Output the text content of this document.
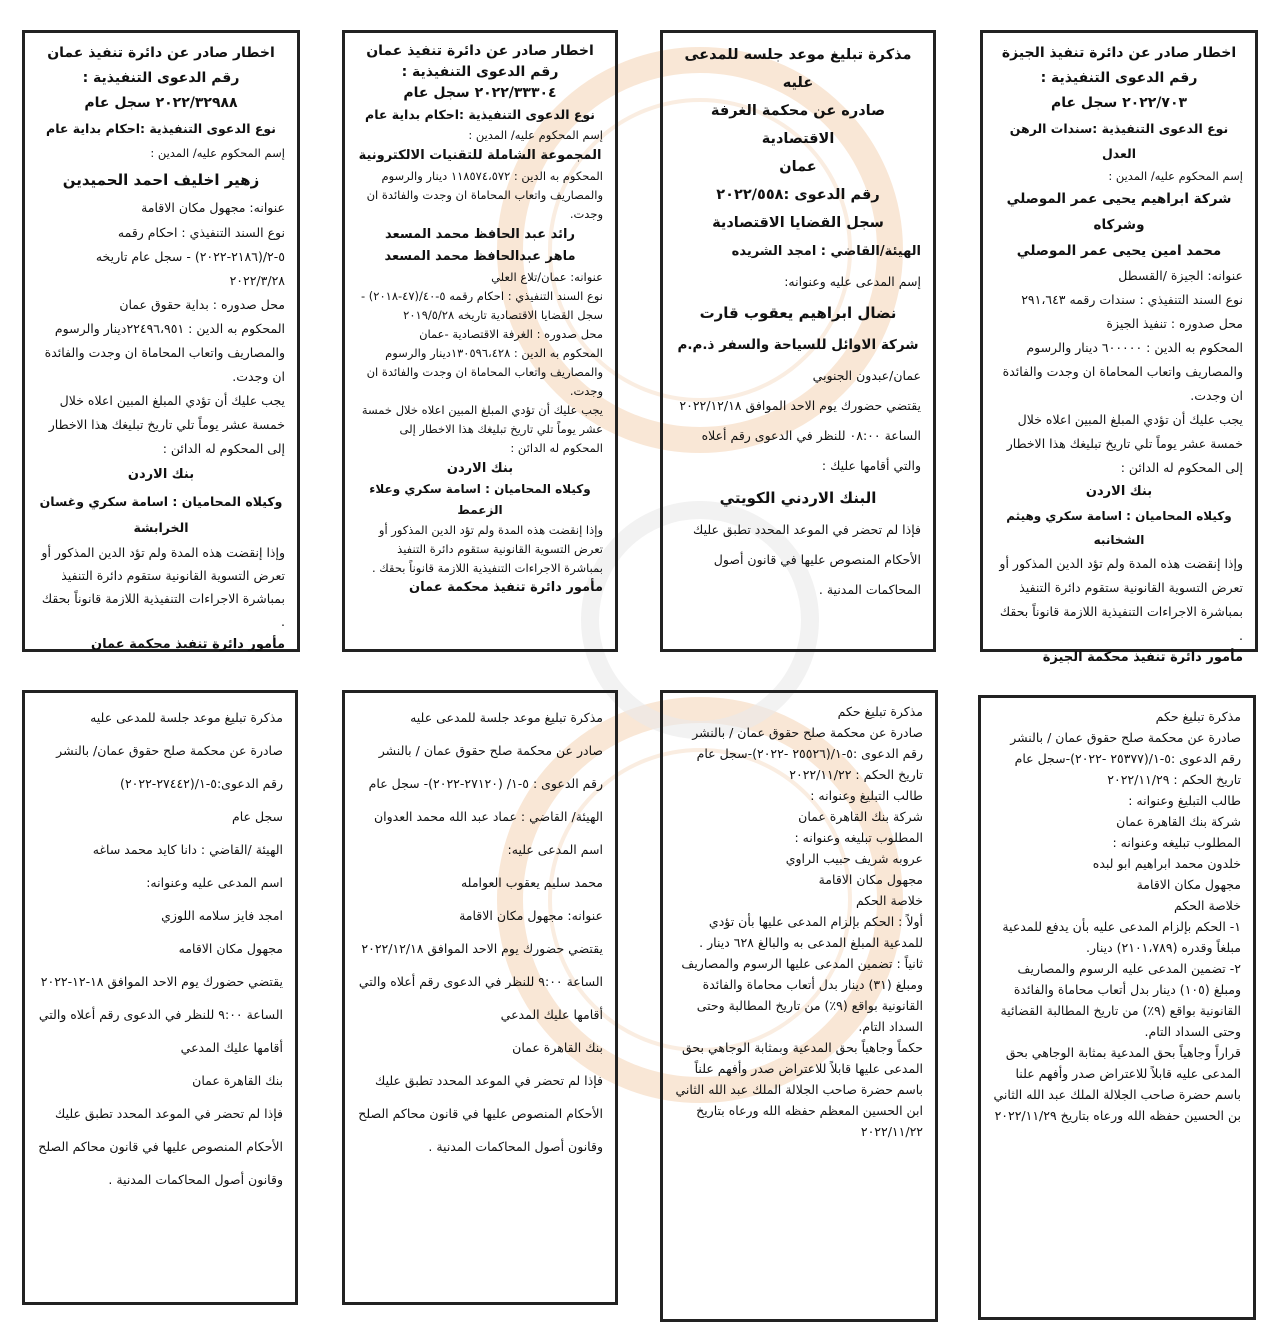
اخطار صادر عن دائرة تنفيذ الجيزة

رقم الدعوى التنفيذية :

٢٠٢٢/٧٠٣ سجل عام

نوع الدعوى التنفيذية :سندات الرهن العدل

إسم المحكوم عليه/ المدين :

شركة ابراهيم يحيى عمر الموصلي وشركاه

محمد امين يحيى عمر الموصلي

عنوانه: الجيزة /القسطل

نوع السند التنفيذي : سندات رقمه ٢٩١،٦٤٣

محل صدوره : تنفيذ الجيزة

المحكوم به الدين : ٦٠٠٠٠٠ دينار والرسوم والمصاريف واتعاب المحاماة ان وجدت والفائدة ان وجدت.

يجب عليك أن تؤدي المبلغ المبين اعلاه خلال خمسة عشر يوماً تلي تاريخ تبليغك هذا الاخطار إلى المحكوم له الدائن :

بنك الاردن

وكيلاه المحاميان : اسامة سكري وهيثم الشخانبه

وإذا إنقضت هذه المدة ولم تؤد الدين المذكور أو تعرض التسوية القانونية ستقوم دائرة التنفيذ بمباشرة الاجراءات التنفيذية اللازمة قانوناً بحقك .

مأمور دائرة تنفيذ محكمة الجيزة

مذكرة تبليغ موعد جلسه للمدعى عليه

صادره عن محكمة الغرفة الاقتصادية

عمان

رقم الدعوى :٢٠٢٢/٥٥٨

سجل القضايا الاقتصادية

الهيئة/القاضي : امجد الشريده

إسم المدعى عليه وعنوانه:

نضال ابراهيم يعقوب قارت

شركة الاوائل للسياحة والسفر ذ.م.م

عمان/عبدون الجنوبي

يقتضي حضورك يوم الاحد الموافق ٢٠٢٢/١٢/١٨ الساعة ٠٨:٠٠ للنظر في الدعوى رقم أعلاه والتي أقامها عليك :

البنك الاردني الكويتي

فإذا لم تحضر في الموعد المحدد تطبق عليك الأحكام المنصوص عليها في قانون أصول المحاكمات المدنية .

اخطار صادر عن دائرة تنفيذ عمان

رقم الدعوى التنفيذية :

٢٠٢٢/٣٣٣٠٤ سجل عام

نوع الدعوى التنفيذية :احكام بداية عام

إسم المحكوم عليه/ المدين :

المجموعة الشاملة للتقنيات الالكترونية

المحكوم به الدين : ١١٨٥٧٤،٥٧٢ دينار والرسوم والمصاريف واتعاب المحاماة ان وجدت والفائدة ان وجدت.

رائد عبد الحافظ محمد المسعد

ماهر عبدالحافظ محمد المسعد

عنوانه: عمان/تلاع العلي

نوع السند التنفيذي : احكام رقمه ٥-٤٠/(٤٧-٢٠١٨) - سجل القضايا الاقتصادية تاريخه ٢٠١٩/٥/٢٨

محل صدوره : الغرفة الاقتصادية -عمان

المحكوم به الدين : ١٣٠٥٩٦،٤٢٨دينار والرسوم والمصاريف واتعاب المحاماة ان وجدت والفائدة ان وجدت.

يجب عليك أن تؤدي المبلغ المبين اعلاه خلال خمسة عشر يوماً تلي تاريخ تبليغك هذا الاخطار إلى المحكوم له الدائن :

بنك الاردن

وكيلاه المحاميان : اسامة سكري وعلاء الزعمط

وإذا إنقضت هذه المدة ولم تؤد الدين المذكور أو تعرض التسوية القانونية ستقوم دائرة التنفيذ بمباشرة الاجراءات التنفيذية اللازمة قانوناً بحقك .

مأمور دائرة تنفيذ محكمة عمان

اخطار صادر عن دائرة تنفيذ عمان

رقم الدعوى التنفيذية :

٢٠٢٢/٣٢٩٨٨ سجل عام

نوع الدعوى التنفيذية :احكام بداية عام

إسم المحكوم عليه/ المدين :

زهير اخليف احمد الحميدين

عنوانه: مجهول مكان الاقامة

نوع السند التنفيذي : احكام رقمه ٥-٢/(٢١٨٦-٢٠٢٢) - سجل عام تاريخه ٢٠٢٢/٣/٢٨

محل صدوره : بداية حقوق عمان

المحكوم به الدين : ٢٢٤٩٦،٩٥١دينار والرسوم والمصاريف واتعاب المحاماة ان وجدت والفائدة ان وجدت.

يجب عليك أن تؤدي المبلغ المبين اعلاه خلال خمسة عشر يوماً تلي تاريخ تبليغك هذا الاخطار إلى المحكوم له الدائن :

بنك الاردن

وكيلاه المحاميان : اسامة سكري وغسان

الخرابشة

وإذا إنقضت هذه المدة ولم تؤد الدين المذكور أو تعرض التسوية القانونية ستقوم دائرة التنفيذ بمباشرة الاجراءات التنفيذية اللازمة قانوناً بحقك .

مأمور دائرة تنفيذ محكمة عمان

مذكرة تبليغ حكم

صادرة عن محكمة صلح حقوق عمان / بالنشر

رقم الدعوى :٥-١/(٢٥٣٧٧ -٢٠٢٢)-سجل عام

تاريخ الحكم : ٢٠٢٢/١١/٢٩

طالب التبليغ وعنوانه :

شركة بنك القاهرة عمان

المطلوب تبليغه وعنوانه :

خلدون محمد ابراهيم ابو لبده

مجهول مكان الاقامة

خلاصة الحكم

١- الحكم بإلزام المدعى عليه بأن يدفع للمدعية مبلغاً وقدره (٢١٠١،٧٨٩) دينار.

٢- تضمين المدعى عليه الرسوم والمصاريف ومبلغ (١٠٥) دينار بدل أتعاب محاماة والفائدة القانونية بواقع (٩٪) من تاريخ المطالبة القضائية وحتى السداد التام.

قراراً وجاهياً بحق المدعية بمثابة الوجاهي بحق المدعى عليه قابلاً للاعتراض صدر وأفهم علنا باسم حضرة صاحب الجلالة الملك عبد الله الثاني بن الحسين حفظه الله ورعاه بتاريخ ٢٠٢٢/١١/٢٩

مذكرة تبليغ حكم

صادرة عن محكمة صلح حقوق عمان / بالنشر

رقم الدعوى :٥-١/(٢٥٥٢٦ -٢٠٢٢)-سجل عام

تاريخ الحكم : ٢٠٢٢/١١/٢٢

طالب التبليغ وعنوانه :

شركة بنك القاهرة عمان

المطلوب تبليغه وعنوانه :

عروبه شريف حبيب الراوي

مجهول مكان الاقامة

خلاصة الحكم

أولاً : الحكم بإلزام المدعى عليها بأن تؤدي للمدعية المبلغ المدعى به والبالغ ٦٢٨ دينار .

ثانياً : تضمين المدعى عليها الرسوم والمصاريف ومبلغ (٣١) دينار بدل أتعاب محاماة والفائدة القانونية بواقع (٩٪) من تاريخ المطالبة وحتى السداد التام.

حكماً وجاهياً بحق المدعية وبمثابة الوجاهي بحق المدعى عليها قابلاً للاعتراض صدر وأفهم علناً باسم حضرة صاحب الجلالة الملك عبد الله الثاني ابن الحسين المعظم حفظه الله ورعاه بتاريخ ٢٠٢٢/١١/٢٢

مذكرة تبليغ موعد جلسة للمدعى عليه

صادر عن محكمة صلح حقوق عمان / بالنشر

رقم الدعوى : ٥-١/ (٢٧١٢٠-٢٠٢٢)- سجل عام

الهيئة/ القاضي : عماد عبد الله محمد العدوان

اسم المدعى عليه:

محمد سليم يعقوب العوامله

عنوانه: مجهول مكان الاقامة

يقتضي حضورك يوم الاحد الموافق ٢٠٢٢/١٢/١٨ الساعة ٩:٠٠ للنظر في الدعوى رقم أعلاه والتي أقامها عليك المدعي

بنك القاهرة عمان

فإذا لم تحضر في الموعد المحدد تطبق عليك الأحكام المنصوص عليها في قانون محاكم الصلح وقانون أصول المحاكمات المدنية .

مذكرة تبليغ موعد جلسة للمدعى عليه

صادرة عن محكمة صلح حقوق عمان/ بالنشر

رقم الدعوى:٥-١/(٢٧٤٤٢-٢٠٢٢)

سجل عام

الهيئة /القاضي : دانا كايد محمد ساغه

اسم المدعى عليه وعنوانه:

امجد فايز سلامه اللوزي

مجهول مكان الاقامه

يقتضي حضورك يوم الاحد الموافق ١٨-١٢-٢٠٢٢ الساعة ٩:٠٠ للنظر في الدعوى رقم أعلاه والتي أقامها عليك المدعي

بنك القاهرة عمان

فإذا لم تحضر في الموعد المحدد تطبق عليك الأحكام المنصوص عليها في قانون محاكم الصلح وقانون أصول المحاكمات المدنية .
